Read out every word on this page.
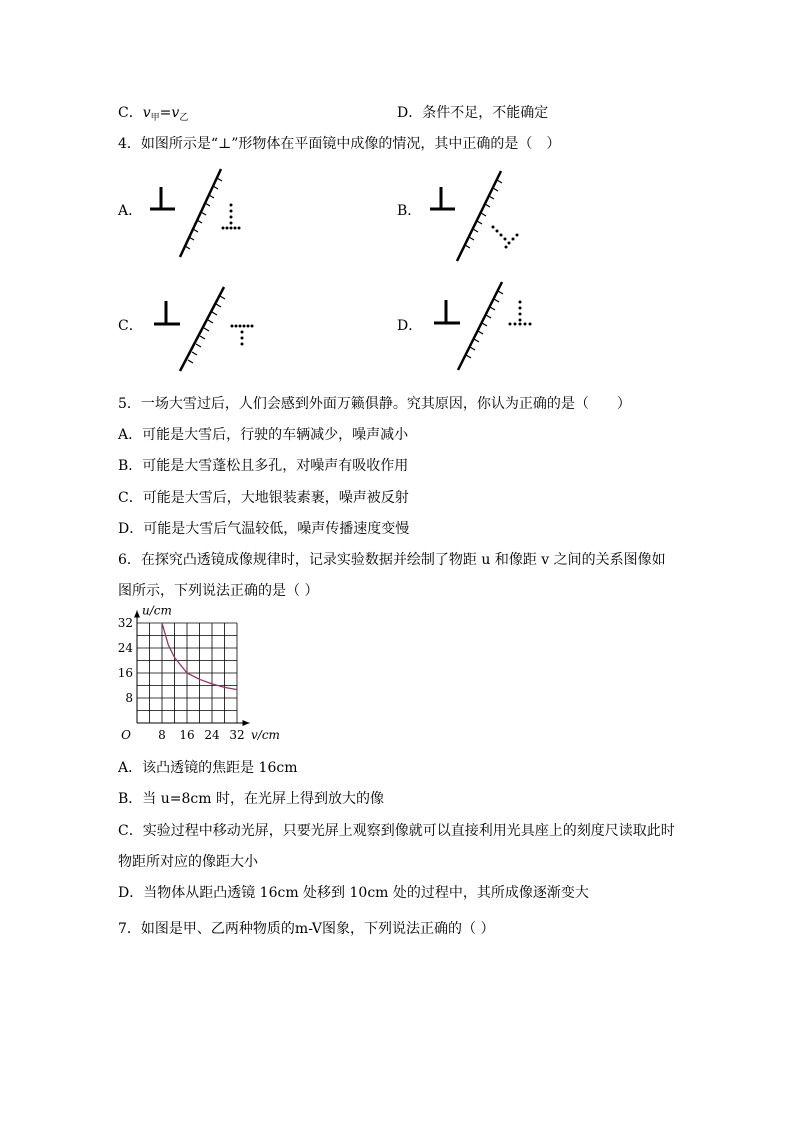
C．$v_甲=v_乙$	D．条件不足，不能确定
4．如图所示是“⊥”形物体在平面镜中成像的情况，其中正确的是（　）
A．	B．
C．	D．
5．一场大雪过后，人们会感到外面万籁俱静。究其原因，你认为正确的是（　　）
A．可能是大雪后，行驶的车辆减少，噪声减小
B．可能是大雪蓬松且多孔，对噪声有吸收作用
C．可能是大雪后，大地银装素裹，噪声被反射
D．可能是大雪后气温较低，噪声传播速度变慢
6．在探究凸透镜成像规律时，记录实验数据并绘制了物距 u 和像距 v 之间的关系图像如
图所示，下列说法正确的是（ ）
8 16 24 32
8
16
24
32
O	v/cm
u/cm
A．该凸透镜的焦距是 16cm
B．当 u=8cm 时，在光屏上得到放大的像
C．实验过程中移动光屏，只要光屏上观察到像就可以直接利用光具座上的刻度尺读取此时
物距所对应的像距大小
D．当物体从距凸透镜 16cm 处移到 10cm 处的过程中，其所成像逐渐变大
7．如图是甲、乙两种物质的m-V图象，下列说法正确的（ ）
